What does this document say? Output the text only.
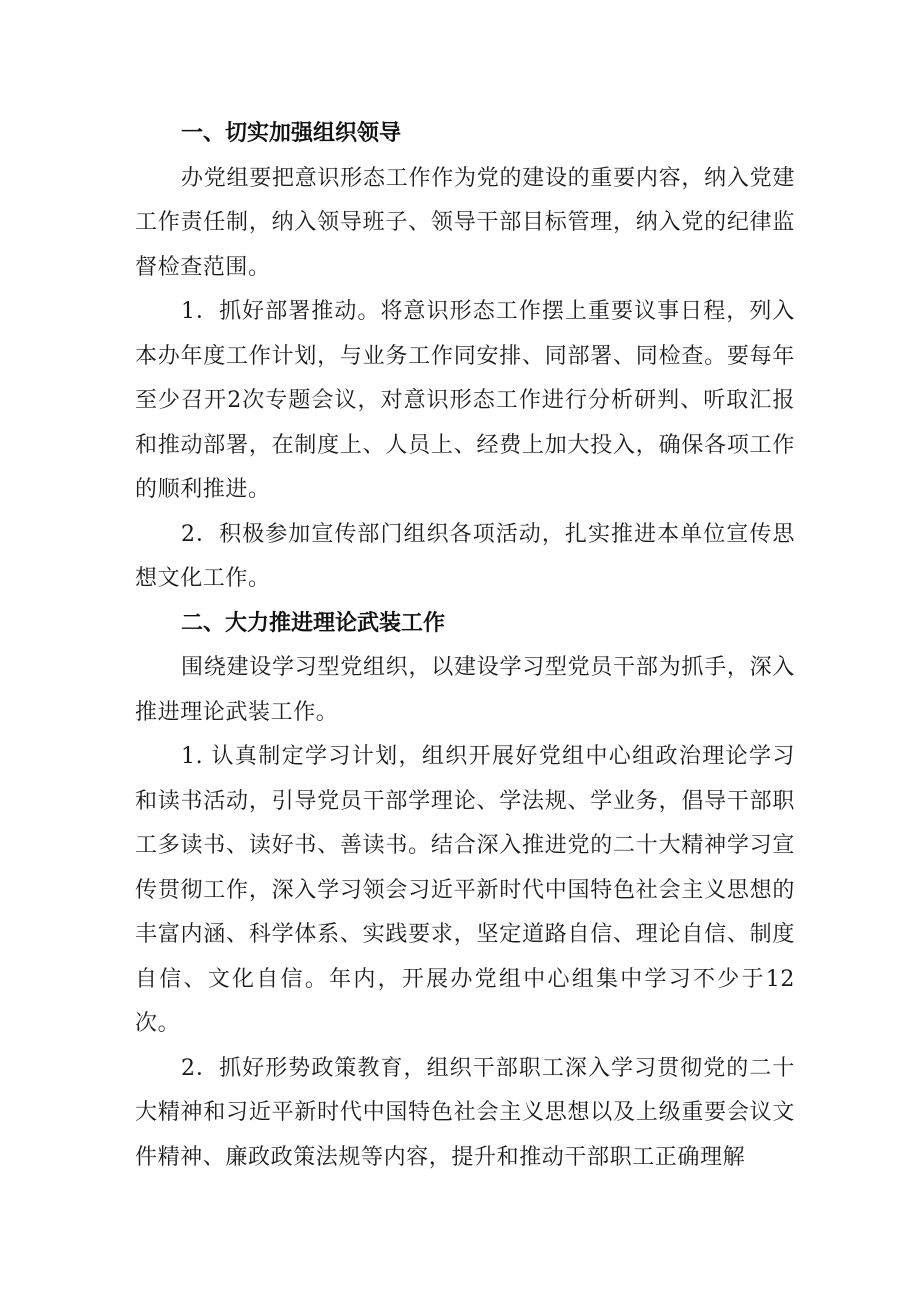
一、切实加强组织领导

办党组要把意识形态工作作为党的建设的重要内容，纳入党建工作责任制，纳入领导班子、领导干部目标管理，纳入党的纪律监督检查范围。

1．抓好部署推动。将意识形态工作摆上重要议事日程，列入本办年度工作计划，与业务工作同安排、同部署、同检查。要每年至少召开2次专题会议，对意识形态工作进行分析研判、听取汇报和推动部署，在制度上、人员上、经费上加大投入，确保各项工作的顺利推进。

2．积极参加宣传部门组织各项活动，扎实推进本单位宣传思想文化工作。

二、大力推进理论武装工作

围绕建设学习型党组织，以建设学习型党员干部为抓手，深入推进理论武装工作。

1. 认真制定学习计划，组织开展好党组中心组政治理论学习和读书活动，引导党员干部学理论、学法规、学业务，倡导干部职工多读书、读好书、善读书。结合深入推进党的二十大精神学习宣传贯彻工作，深入学习领会习近平新时代中国特色社会主义思想的丰富内涵、科学体系、实践要求，坚定道路自信、理论自信、制度自信、文化自信。年内，开展办党组中心组集中学习不少于12次。

2．抓好形势政策教育，组织干部职工深入学习贯彻党的二十大精神和习近平新时代中国特色社会主义思想以及上级重要会议文件精神、廉政政策法规等内容，提升和推动干部职工正确理解
